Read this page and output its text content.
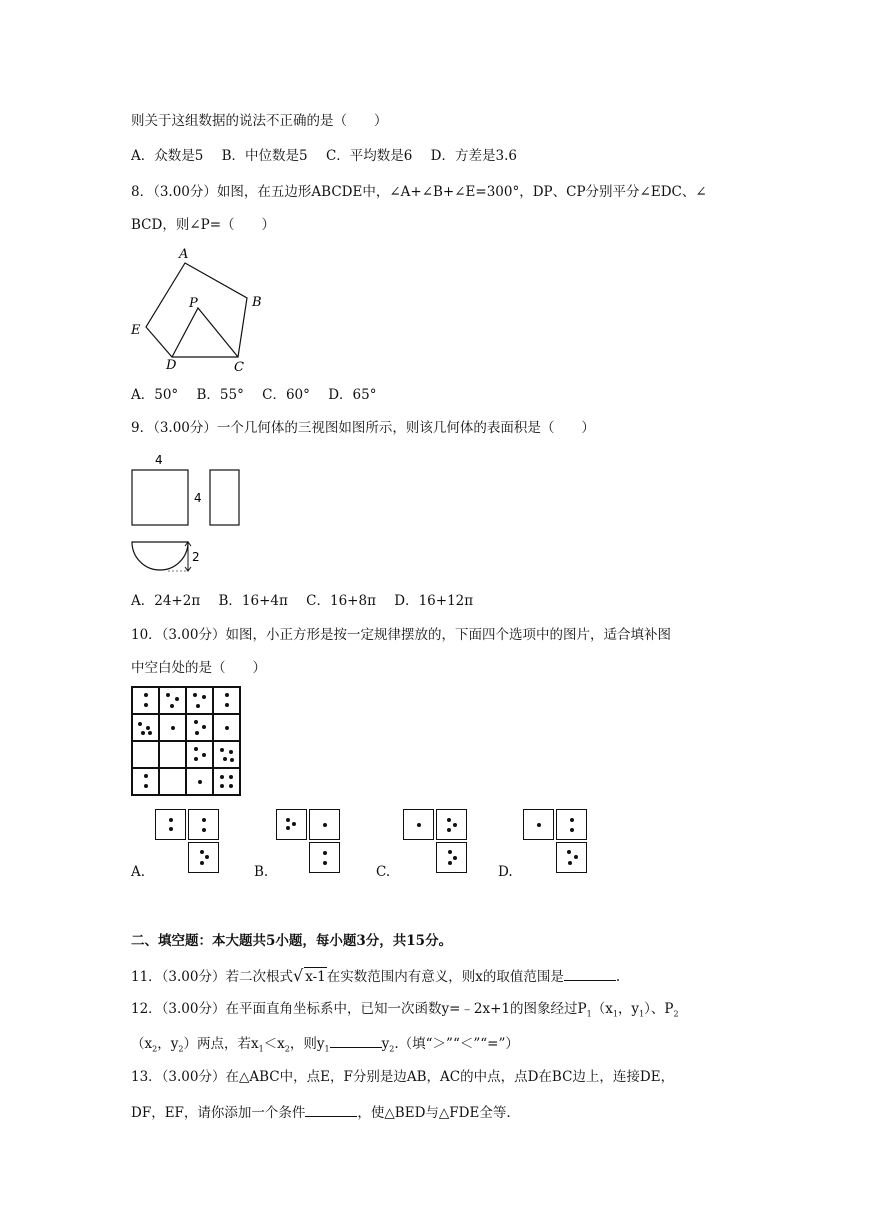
则关于这组数据的说法不正确的是（　　）
A．众数是5 B．中位数是5 C．平均数是6 D．方差是3.6
8．（3.00分）如图，在五边形ABCDE中，∠A+∠B+∠E=300°，DP、CP分别平分∠EDC、∠
BCD，则∠P=（　　）
A
B
C
D
E
P
A．50° B．55° C．60° D．65°
9．（3.00分）一个几何体的三视图如图所示，则该几何体的表面积是（　　）
4
4
2
A．24+2π B．16+4π C．16+8π D．16+12π
10．（3.00分）如图，小正方形是按一定规律摆放的，下面四个选项中的图片，适合填补图
中空白处的是（　　）
A.	B.	C.	D.
二、填空题：本大题共5小题，每小题3分，共15分。
11．（3.00分）若二次根式√ x-1在实数范围内有意义，则x的取值范围是	.
12．（3.00分）在平面直角坐标系中，已知一次函数y=﹣2x+1的图象经过$P_1(x_1$，$y_1$）、$P_2$
（$x_2$，$y_2$）两点，若$x_1<x_2$，则$y_1$	$y_2$.（填“＞”“＜”“=”）
13．（3.00分）在△ABC中，点E，F分别是边AB，AC的中点，点D在BC边上，连接DE，
DF，EF，请你添加一个条件	，使△BED与△FDE全等.
